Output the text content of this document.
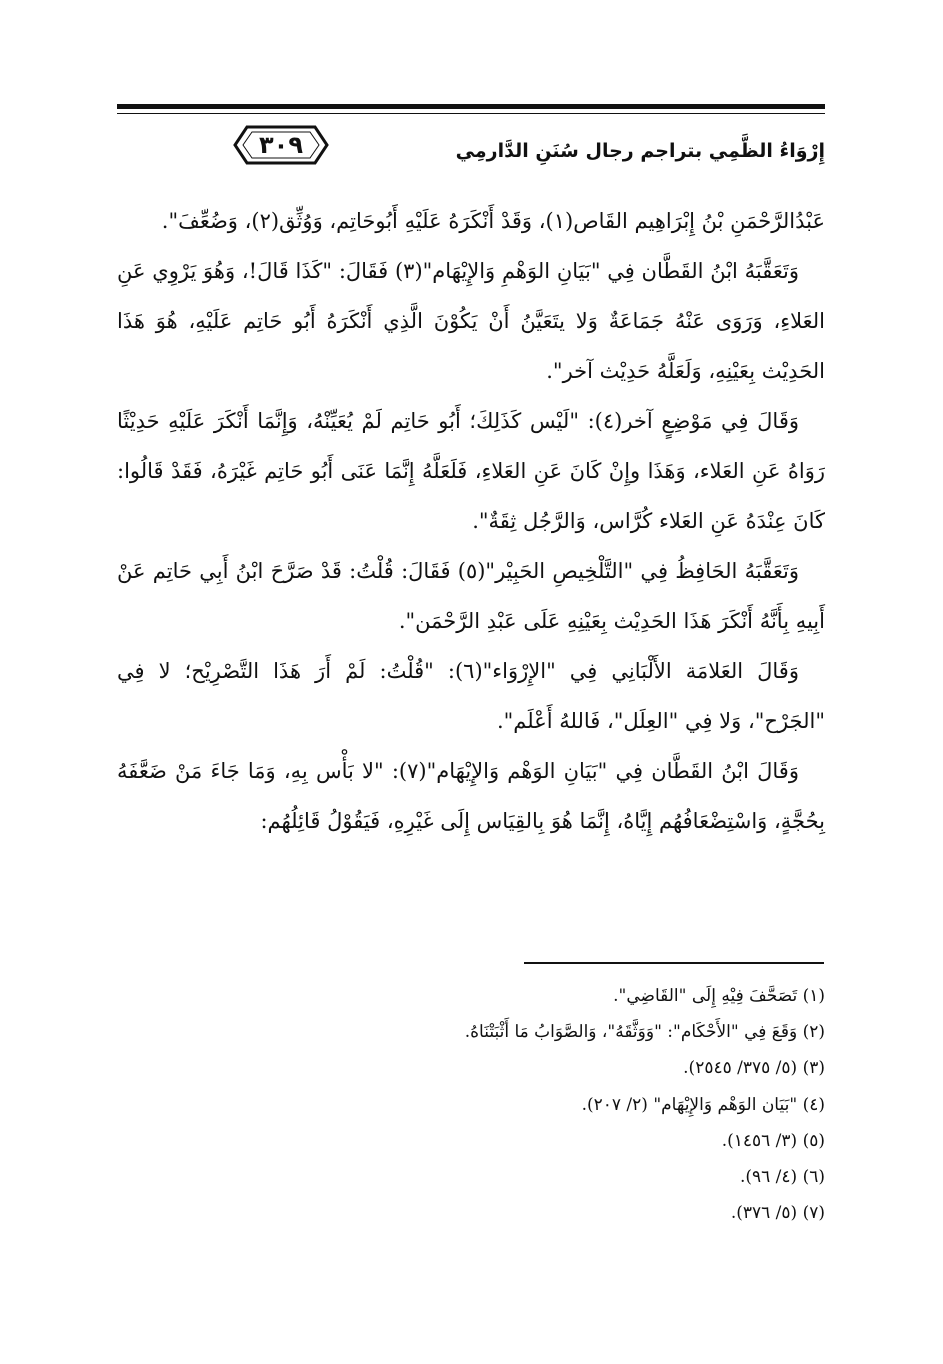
٣٠٩	إِرْوَاءُ الظَّمِي بتراجم رجال سُنَنِ الدَّارمِي

عَبْدُالرَّحْمَنِ بْنُ إِبْرَاهِيم القَاص(١)، وَقَدْ أَنْكَرَهُ عَلَيْهِ أَبُوحَاتِم، وَوُثِّق(٢)، وَضُعِّفَ".

وَتَعَقَّبَهُ ابْنُ القَطَّان فِي "بَيَانِ الوَهْمِ وَالإِيْهَام"(٣) فَقَالَ: "كَذَا قَالَ!، وَهُوَ يَرْوِي عَنِ العَلاءِ، وَرَوَى عَنْهُ جَمَاعَةٌ وَلا يتَعَيَّنُ أَنْ يَكُوْنَ الَّذِي أَنْكَرَهُ أَبُو حَاتِم عَلَيْهِ، هُوَ هَذَا الحَدِيْث بِعَيْنِهِ، وَلَعَلَّهُ حَدِيْث آخر".

وَقَالَ فِي مَوْضِعٍ آخر(٤): "لَيْس كَذَلِكَ؛ أَبُو حَاتِم لَمْ يُعَيِّنْهُ، وَإِنَّمَا أَنْكَرَ عَلَيْهِ حَدِيْثًا رَوَاهُ عَنِ العَلاء، وَهَذَا وإِنْ كَانَ عَنِ العَلاءِ، فَلَعَلَّهُ إِنَّمَا عَنَى أَبُو حَاتِم غَيْرَهُ، فَقَدْ قَالُوا: كَانَ عِنْدَهُ عَنِ العَلاء كُرَّاس، وَالرَّجُل ثِقَةٌ".

وَتَعَقَّبَهُ الحَافِظُ فِي "التَّلْخِيصِ الحَبِيْر"(٥) فَقَالَ: قُلْتُ: قَدْ صَرَّحَ ابْنُ أَبِي حَاتِم عَنْ أَبِيهِ بِأَنَّهُ أَنْكَرَ هَذَا الحَدِيْث بِعَيْنِهِ عَلَى عَبْدِ الرَّحْمَن".

وَقَالَ العَلامَة الأَلْبَانِي فِي "الإِرْوَاء"(٦): "قُلْتُ: لَمْ أَرَ هَذَا التَّصْرِيْح؛ لا فِي "الجَرْح"، وَلا فِي "العِلَل"، فَاللهُ أَعْلَم".

وَقَالَ ابْنُ القَطَّان فِي "بَيَانِ الوَهْم وَالإِيْهَام"(٧): "لا بَأْس بِهِ، وَمَا جَاءَ مَنْ ضَعَّفَهُ بِحُجَّةٍ، وَاسْتِضْعَافُهُم إِيَّاهُ، إِنَّمَا هُوَ بِالقِيَاس إِلَى غَيْرِهِ، فَيَقُوْلُ قَائِلُهُم:

(١) تَصَحَّفَ فِيْهِ إِلَى "القَاضِي".
(٢) وَقَعَ فِي "الأَحْكَام": "وَوَثَّقَهُ"، وَالصَّوَابُ مَا أَثْبَتْنَاهُ.
(٣) (٥/ ٣٧٥/ ٢٥٤٥).
(٤) "بَيَان الوَهْم وَالإِيْهَام" (٢/ ٢٠٧).
(٥) (٣/ ١٤٥٦).
(٦) (٤/ ٩٦).
(٧) (٥/ ٣٧٦).
